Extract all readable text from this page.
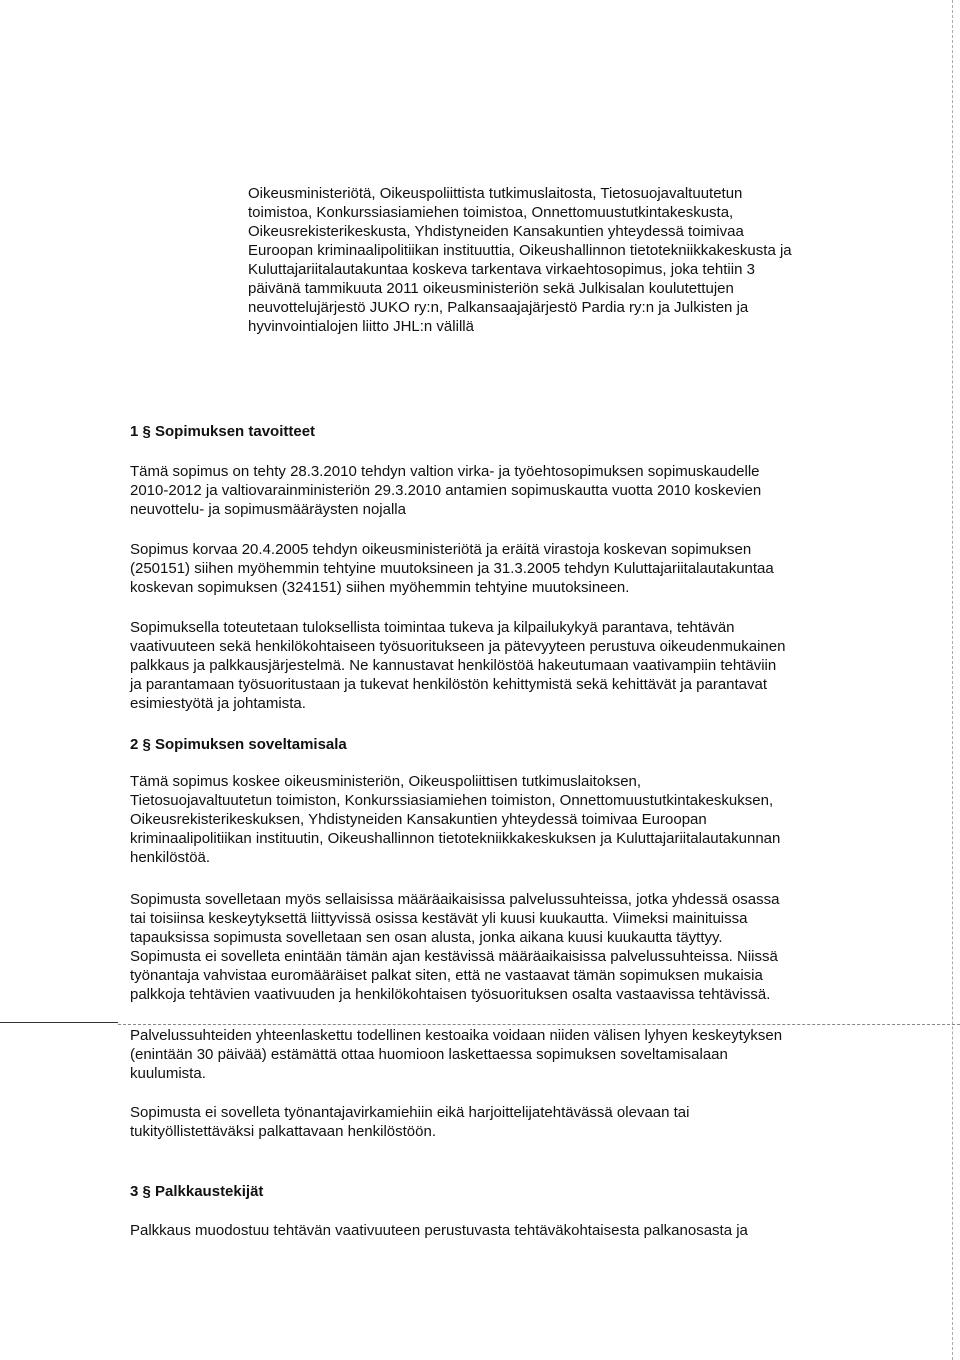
Oikeusministeriötä, Oikeuspoliittista tutkimuslaitosta, Tietosuojavaltuutetun
toimistoa, Konkurssiasiamiehen toimistoa, Onnettomuustutkintakeskusta,
Oikeusrekisterikeskusta, Yhdistyneiden Kansakuntien yhteydessä toimivaa
Euroopan kriminaalipolitiikan instituuttia, Oikeushallinnon tietotekniikkakeskusta ja
Kuluttajariitalautakuntaa koskeva tarkentava virkaehtosopimus, joka tehtiin 3
päivänä tammikuuta 2011 oikeusministeriön sekä Julkisalan koulutettujen
neuvottelujärjestö JUKO ry:n, Palkansaajajärjestö Pardia ry:n ja Julkisten ja
hyvinvointialojen liitto JHL:n välillä
1 § Sopimuksen tavoitteet
Tämä sopimus on tehty 28.3.2010 tehdyn valtion virka- ja työehtosopimuksen sopimuskaudelle
2010-2012 ja valtiovarainministeriön 29.3.2010 antamien sopimuskautta vuotta 2010 koskevien
neuvottelu- ja sopimusmääräysten nojalla
Sopimus korvaa 20.4.2005 tehdyn oikeusministeriötä ja eräitä virastoja koskevan sopimuksen
(250151) siihen myöhemmin tehtyine muutoksineen ja 31.3.2005 tehdyn Kuluttajariitalautakuntaa
koskevan sopimuksen (324151) siihen myöhemmin tehtyine muutoksineen.
Sopimuksella toteutetaan tuloksellista toimintaa tukeva ja kilpailukykyä parantava, tehtävän
vaativuuteen sekä henkilökohtaiseen työsuoritukseen ja pätevyyteen perustuva oikeudenmukainen
palkkaus ja palkkausjärjestelmä. Ne kannustavat henkilöstöä hakeutumaan vaativampiin tehtäviin
ja parantamaan työsuoritustaan ja tukevat henkilöstön kehittymistä sekä kehittävät ja parantavat
esimiestyötä ja johtamista.
2 § Sopimuksen soveltamisala
Tämä sopimus koskee oikeusministeriön, Oikeuspoliittisen tutkimuslaitoksen,
Tietosuojavaltuutetun toimiston, Konkurssiasiamiehen toimiston, Onnettomuustutkintakeskuksen,
Oikeusrekisterikeskuksen, Yhdistyneiden Kansakuntien yhteydessä toimivaa Euroopan
kriminaalipolitiikan instituutin, Oikeushallinnon tietotekniikkakeskuksen ja Kuluttajariitalautakunnan
henkilöstöä.
Sopimusta sovelletaan myös sellaisissa määräaikaisissa palvelussuhteissa, jotka yhdessä osassa
tai toisiinsa keskeytyksettä liittyvissä osissa kestävät yli kuusi kuukautta. Viimeksi mainituissa
tapauksissa sopimusta sovelletaan sen osan alusta, jonka aikana kuusi kuukautta täyttyy.
Sopimusta ei sovelleta enintään tämän ajan kestävissä määräaikaisissa palvelussuhteissa. Niissä
työnantaja vahvistaa euromääräiset palkat siten, että ne vastaavat tämän sopimuksen mukaisia
palkkoja tehtävien vaativuuden ja henkilökohtaisen työsuorituksen osalta vastaavissa tehtävissä.
Palvelussuhteiden yhteenlaskettu todellinen kestoaika voidaan niiden välisen lyhyen keskeytyksen
(enintään 30 päivää) estämättä ottaa huomioon laskettaessa sopimuksen soveltamisalaan
kuulumista.
Sopimusta ei sovelleta työnantajavirkamiehiin eikä harjoittelijatehtävässä olevaan tai
tukityöllistettäväksi palkattavaan henkilöstöön.
3 § Palkkaustekijät
Palkkaus muodostuu tehtävän vaativuuteen perustuvasta tehtäväkohtaisesta palkanosasta ja
